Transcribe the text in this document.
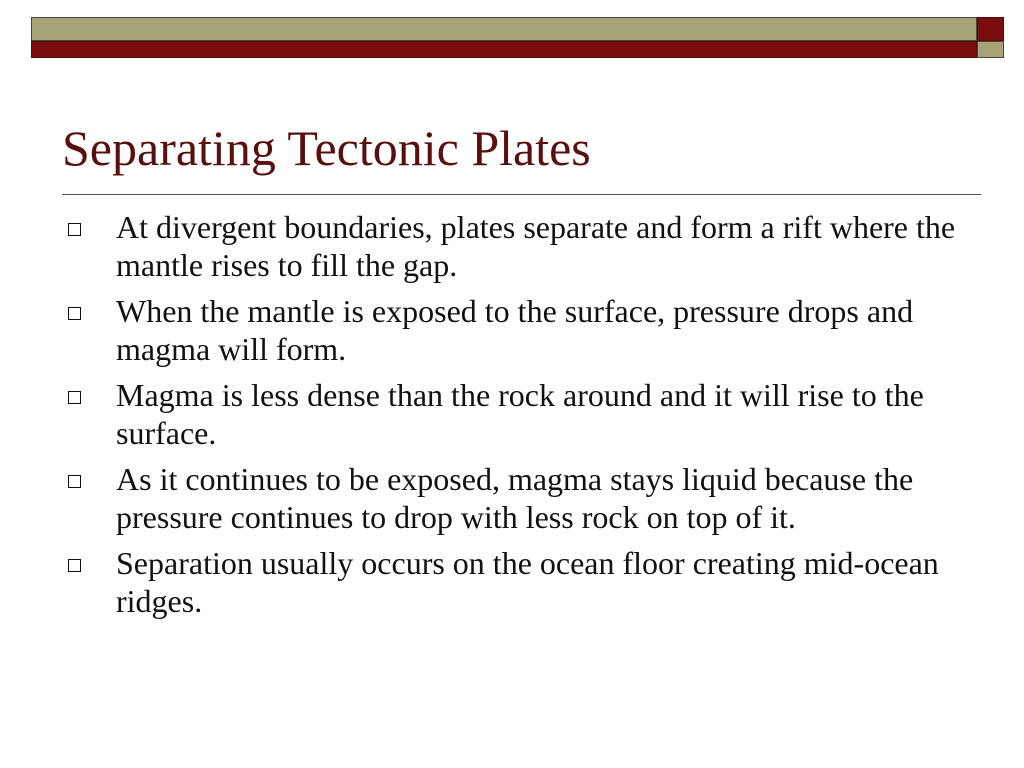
Separating Tectonic Plates
At divergent boundaries, plates separate and form a rift where the mantle rises to fill the gap.
When the mantle is exposed to the surface, pressure drops and magma will form.
Magma is less dense than the rock around and it will rise to the surface.
As it continues to be exposed, magma stays liquid because the pressure continues to drop with less rock on top of it.
Separation usually occurs on the ocean floor creating mid-ocean ridges.
